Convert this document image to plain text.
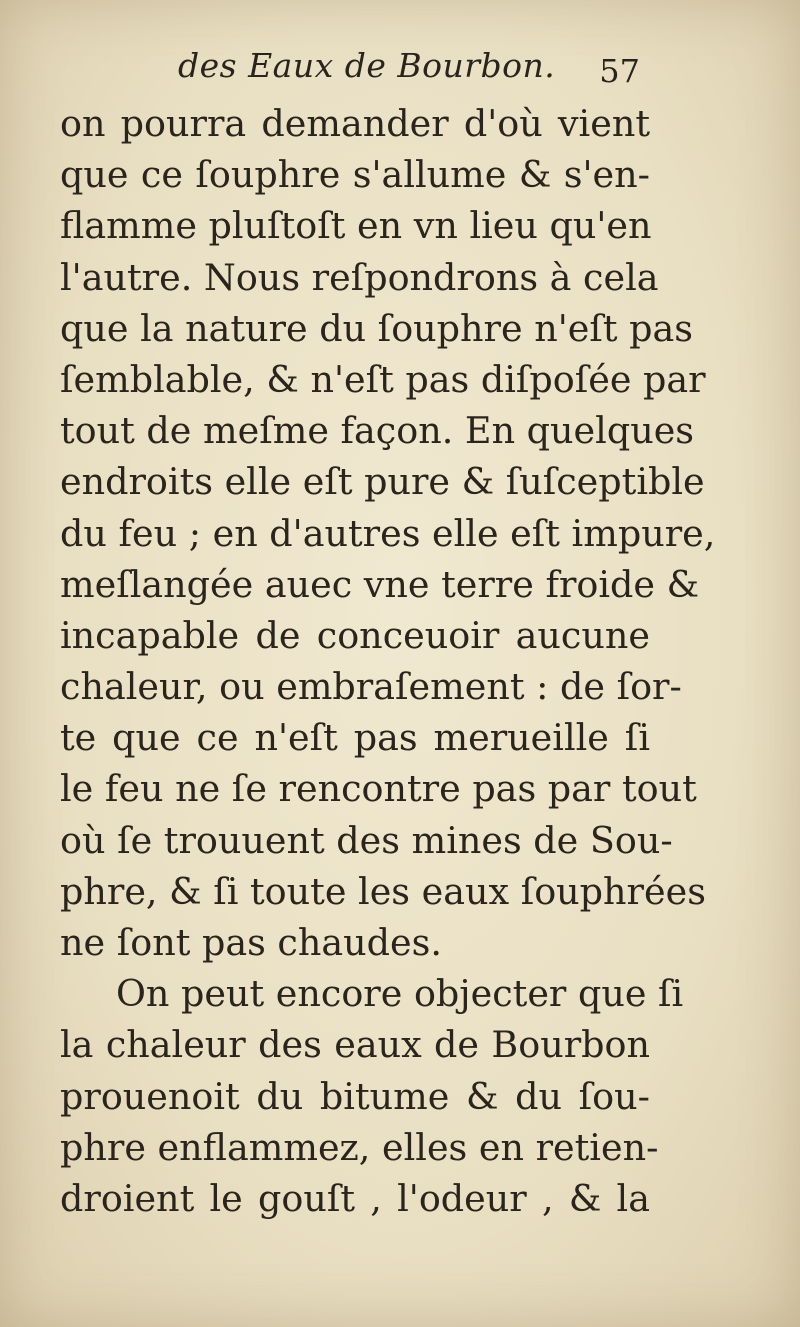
des Eaux de Bourbon. 57
on pourra demander d'où vient
que ce ſouphre s'allume & s'en-
flamme pluſtoſt en vn lieu qu'en
l'autre. Nous reſpondrons à cela
que la nature du ſouphre n'eſt pas
ſemblable, & n'eſt pas diſpoſée par
tout de meſme façon. En quelques
endroits elle eſt pure & ſuſceptible
du feu ; en d'autres elle eſt impure,
meſlangée auec vne terre froide &
incapable de conceuoir aucune
chaleur, ou embraſement : de ſor-
te que ce n'eſt pas merueille ſi
le feu ne ſe rencontre pas par tout
où ſe trouuent des mines de Sou-
phre, & ſi toute les eaux ſouphrées
ne ſont pas chaudes.
On peut encore objecter que ſi
la chaleur des eaux de Bourbon
prouenoit du bitume & du ſou-
phre enflammez, elles en retien-
droient le gouſt , l'odeur , & la
